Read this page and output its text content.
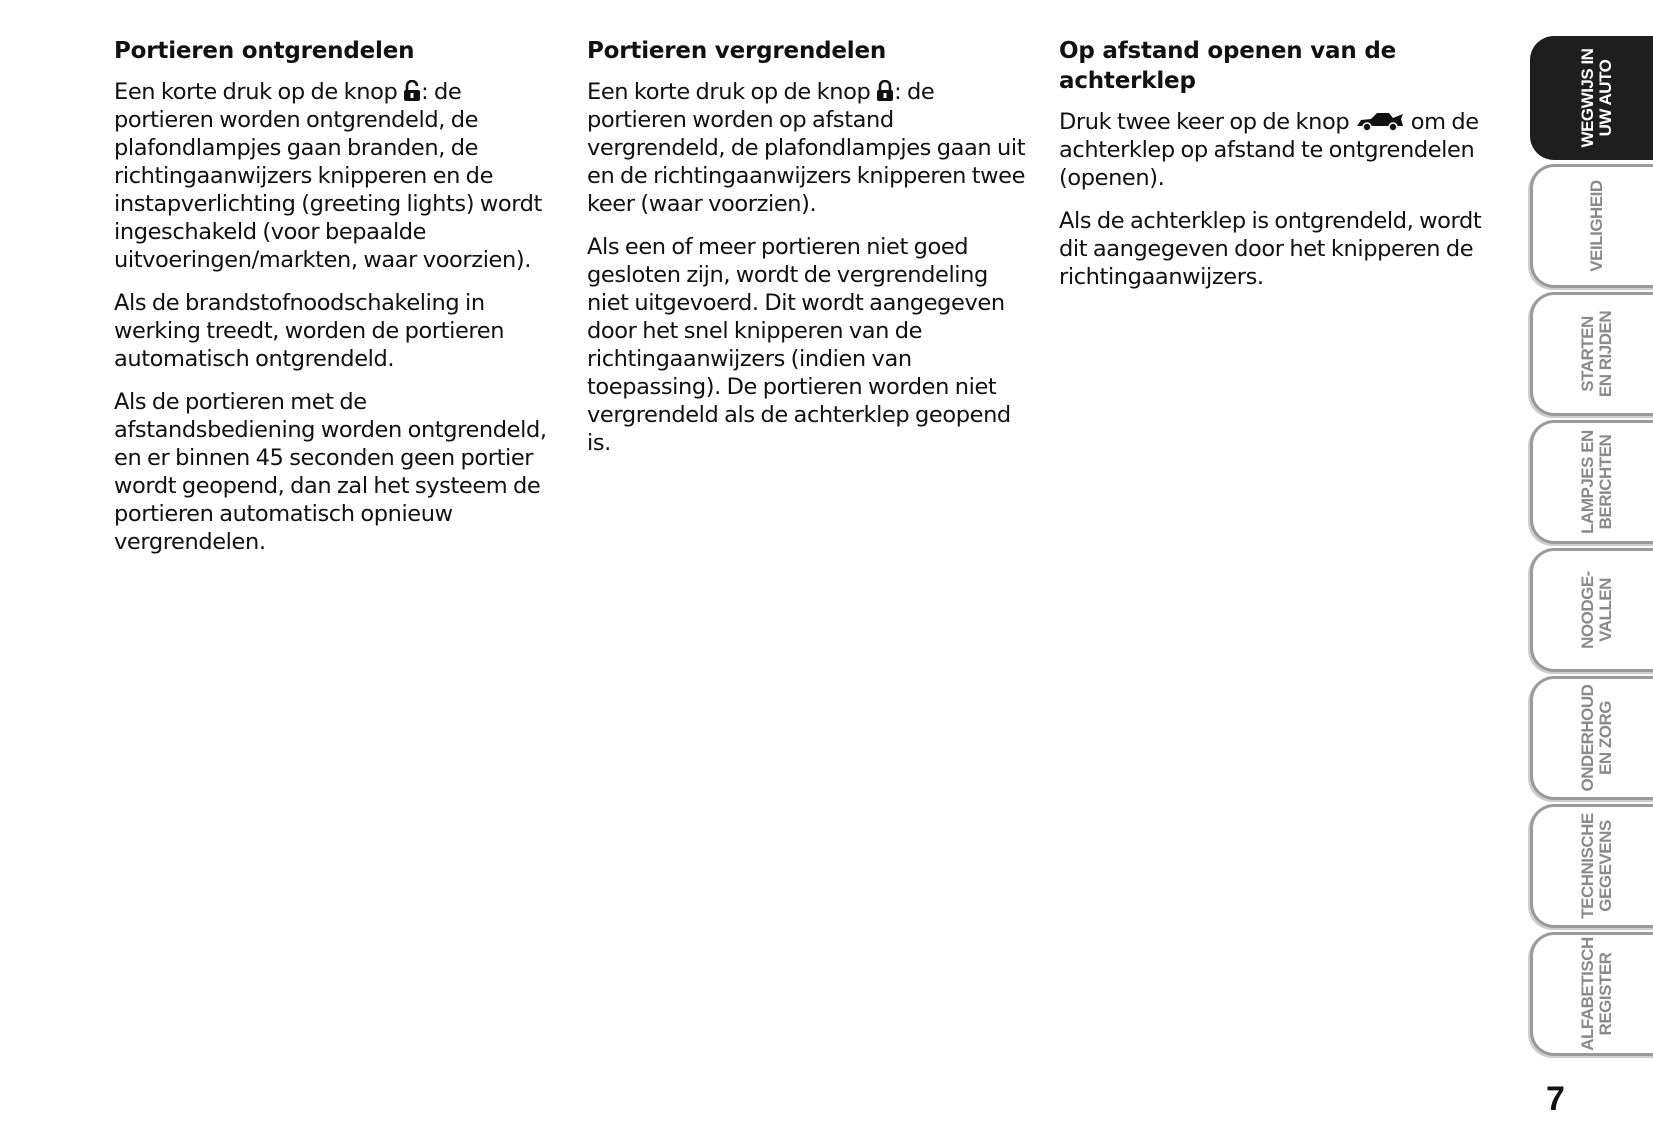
Portieren ontgrendelen

Een korte druk op de knop
: de portieren worden ontgrendeld, de plafondlampjes gaan branden, de richtingaanwijzers knipperen en de instapverlichting (greeting lights) wordt ingeschakeld (voor bepaalde uitvoeringen/markten, waar voorzien).

Als de brandstofnoodschakeling in werking treedt, worden de portieren automatisch ontgrendeld.

Als de portieren met de afstandsbediening worden ontgrendeld, en er binnen 45 seconden geen portier wordt geopend, dan zal het systeem de portieren automatisch opnieuw vergrendelen.

Portieren vergrendelen

Een korte druk op de knop
: de portieren worden op afstand vergrendeld, de plafondlampjes gaan uit en de richtingaanwijzers knipperen twee keer (waar voorzien).

Als een of meer portieren niet goed gesloten zijn, wordt de vergrendeling niet uitgevoerd. Dit wordt aangegeven door het snel knipperen van de richtingaanwijzers (indien van toepassing). De portieren worden niet vergrendeld als de achterklep geopend is.

Op afstand openen van de achterklep

Druk twee keer op de knop
om de achterklep op afstand te ontgrendelen (openen).

Als de achterklep is ontgrendeld, wordt dit aangegeven door het knipperen de richtingaanwijzers.

WEGWIJS IN
UW AUTO
VEILIGHEID
STARTEN
EN RIJDEN
LAMPJES EN
BERICHTEN
NOODGE-
VALLEN
ONDERHOUD
EN ZORG
TECHNISCHE
GEGEVENS
ALFABETISCH
REGISTER
7
